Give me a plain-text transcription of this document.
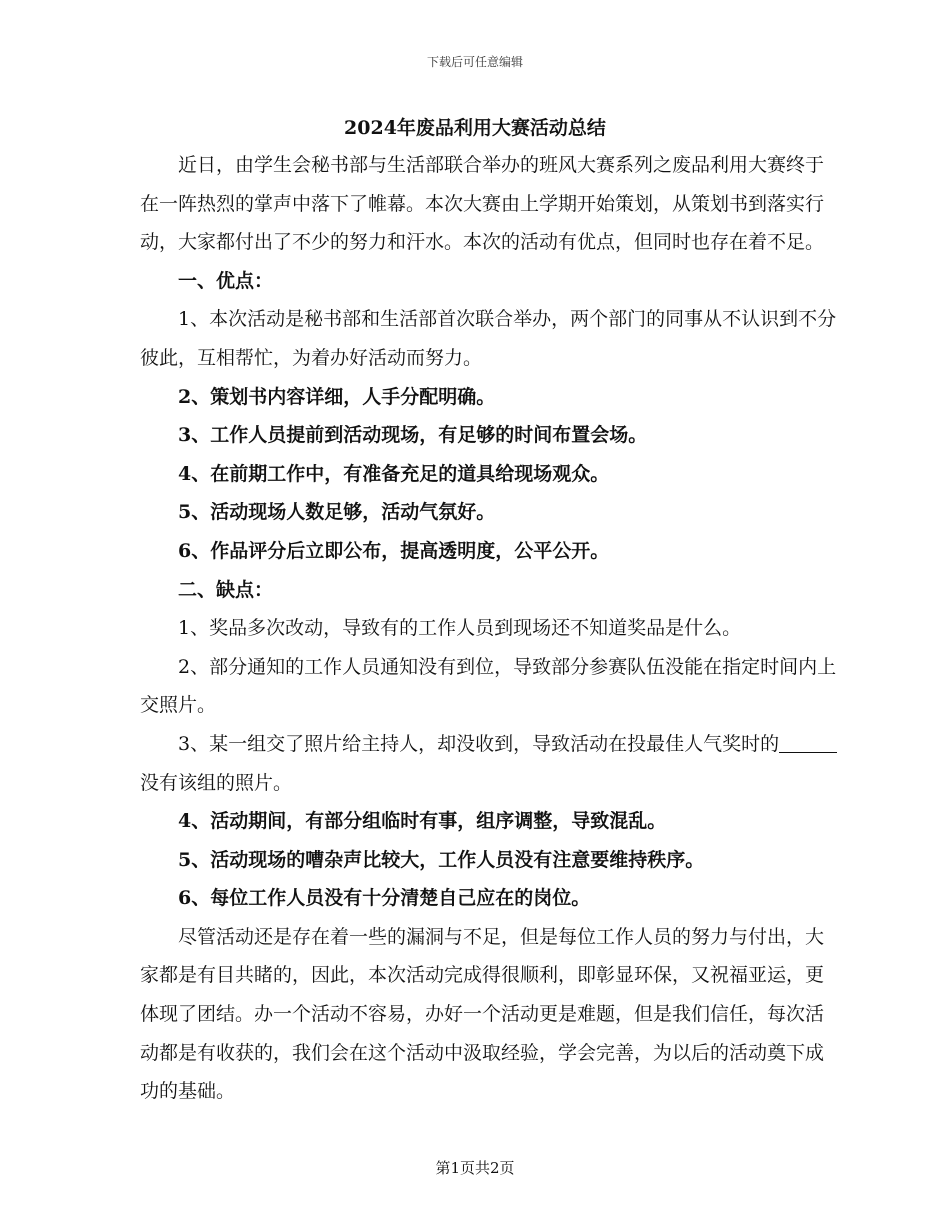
下载后可任意编辑
2024年废品利用大赛活动总结

近日，由学生会秘书部与生活部联合举办的班风大赛系列之废品利用大赛终于在一阵热烈的掌声中落下了帷幕。本次大赛由上学期开始策划，从策划书到落实行动，大家都付出了不少的努力和汗水。本次的活动有优点，但同时也存在着不足。

一、优点：

1、本次活动是秘书部和生活部首次联合举办，两个部门的同事从不认识到不分彼此，互相帮忙，为着办好活动而努力。

2、策划书内容详细，人手分配明确。

3、工作人员提前到活动现场，有足够的时间布置会场。

4、在前期工作中，有准备充足的道具给现场观众。

5、活动现场人数足够，活动气氛好。

6、作品评分后立即公布，提高透明度，公平公开。

二、缺点：

1、奖品多次改动，导致有的工作人员到现场还不知道奖品是什么。

2、部分通知的工作人员通知没有到位，导致部分参赛队伍没能在指定时间内上交照片。

3、某一组交了照片给主持人，却没收到，导致活动在投最佳人气奖时的没有该组的照片。

4、活动期间，有部分组临时有事，组序调整，导致混乱。

5、活动现场的嘈杂声比较大，工作人员没有注意要维持秩序。

6、每位工作人员没有十分清楚自己应在的岗位。

尽管活动还是存在着一些的漏洞与不足，但是每位工作人员的努力与付出，大家都是有目共睹的，因此，本次活动完成得很顺利，即彰显环保，又祝福亚运，更体现了团结。办一个活动不容易，办好一个活动更是难题，但是我们信任，每次活动都是有收获的，我们会在这个活动中汲取经验，学会完善，为以后的活动奠下成功的基础。

第1页共2页
